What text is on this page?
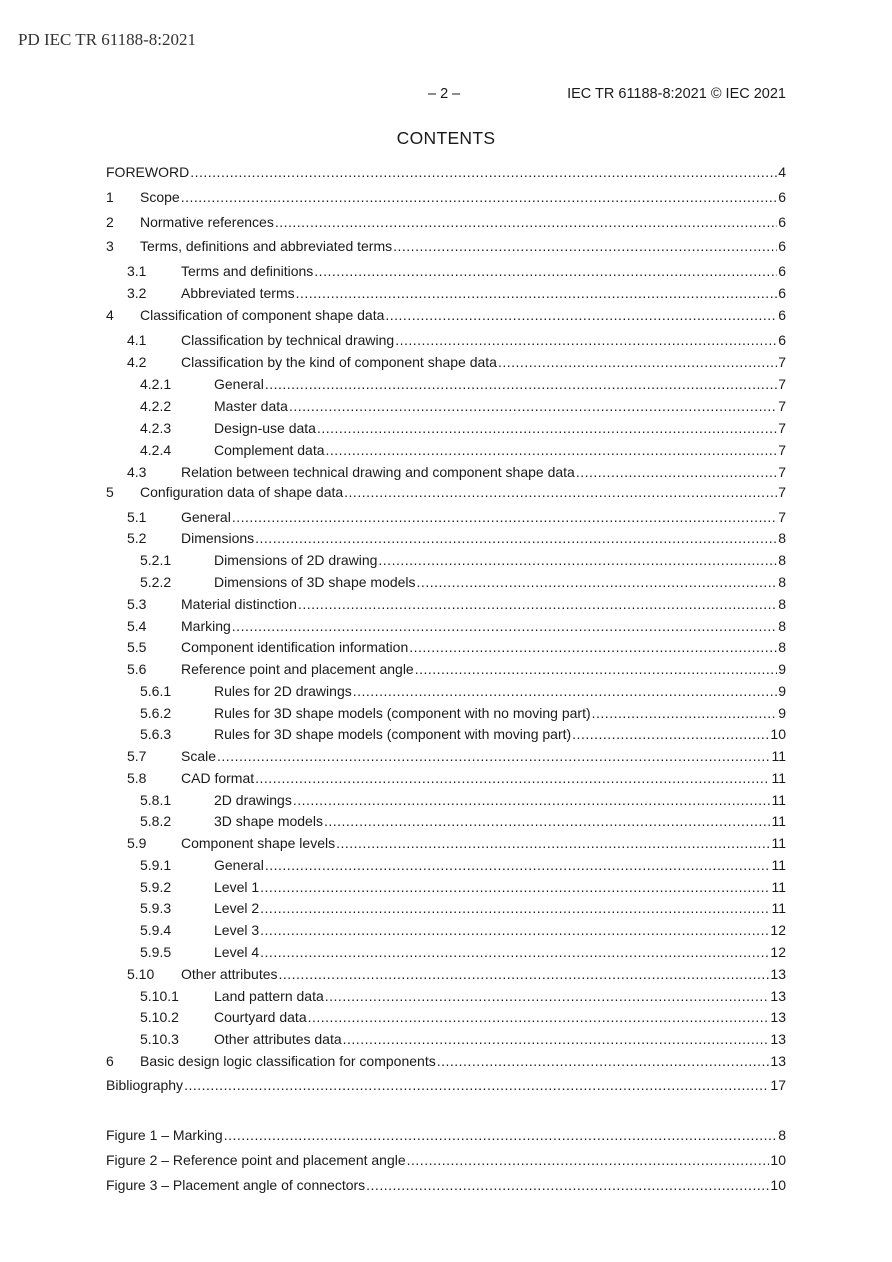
PD IEC TR 61188-8:2021
– 2 –	IEC TR 61188-8:2021 © IEC 2021
CONTENTS
FOREWORD .....	4
1	Scope .....	6
2	Normative references .....	6
3	Terms, definitions and abbreviated terms .....	6
3.1	Terms and definitions .....	6
3.2	Abbreviated terms .....	6
4	Classification of component shape data .....	6
4.1	Classification by technical drawing .....	6
4.2	Classification by the kind of component shape data .....	7
4.2.1	General .....	7
4.2.2	Master data .....	7
4.2.3	Design-use data .....	7
4.2.4	Complement data .....	7
4.3	Relation between technical drawing and component shape data .....	7
5	Configuration data of shape data .....	7
5.1	General .....	7
5.2	Dimensions .....	8
5.2.1	Dimensions of 2D drawing .....	8
5.2.2	Dimensions of 3D shape models .....	8
5.3	Material distinction .....	8
5.4	Marking .....	8
5.5	Component identification information .....	8
5.6	Reference point and placement angle .....	9
5.6.1	Rules for 2D drawings .....	9
5.6.2	Rules for 3D shape models (component with no moving part) .....	9
5.6.3	Rules for 3D shape models (component with moving part) .....	10
5.7	Scale .....	11
5.8	CAD format .....	11
5.8.1	2D drawings .....	11
5.8.2	3D shape models .....	11
5.9	Component shape levels .....	11
5.9.1	General .....	11
5.9.2	Level 1 .....	11
5.9.3	Level 2 .....	11
5.9.4	Level 3 .....	12
5.9.5	Level 4 .....	12
5.10	Other attributes .....	13
5.10.1	Land pattern data .....	13
5.10.2	Courtyard data .....	13
5.10.3	Other attributes data .....	13
6	Basic design logic classification for components .....	13
Bibliography .....	17
Figure 1 – Marking .....	8
Figure 2 – Reference point and placement angle .....	10
Figure 3 – Placement angle of connectors .....	10
